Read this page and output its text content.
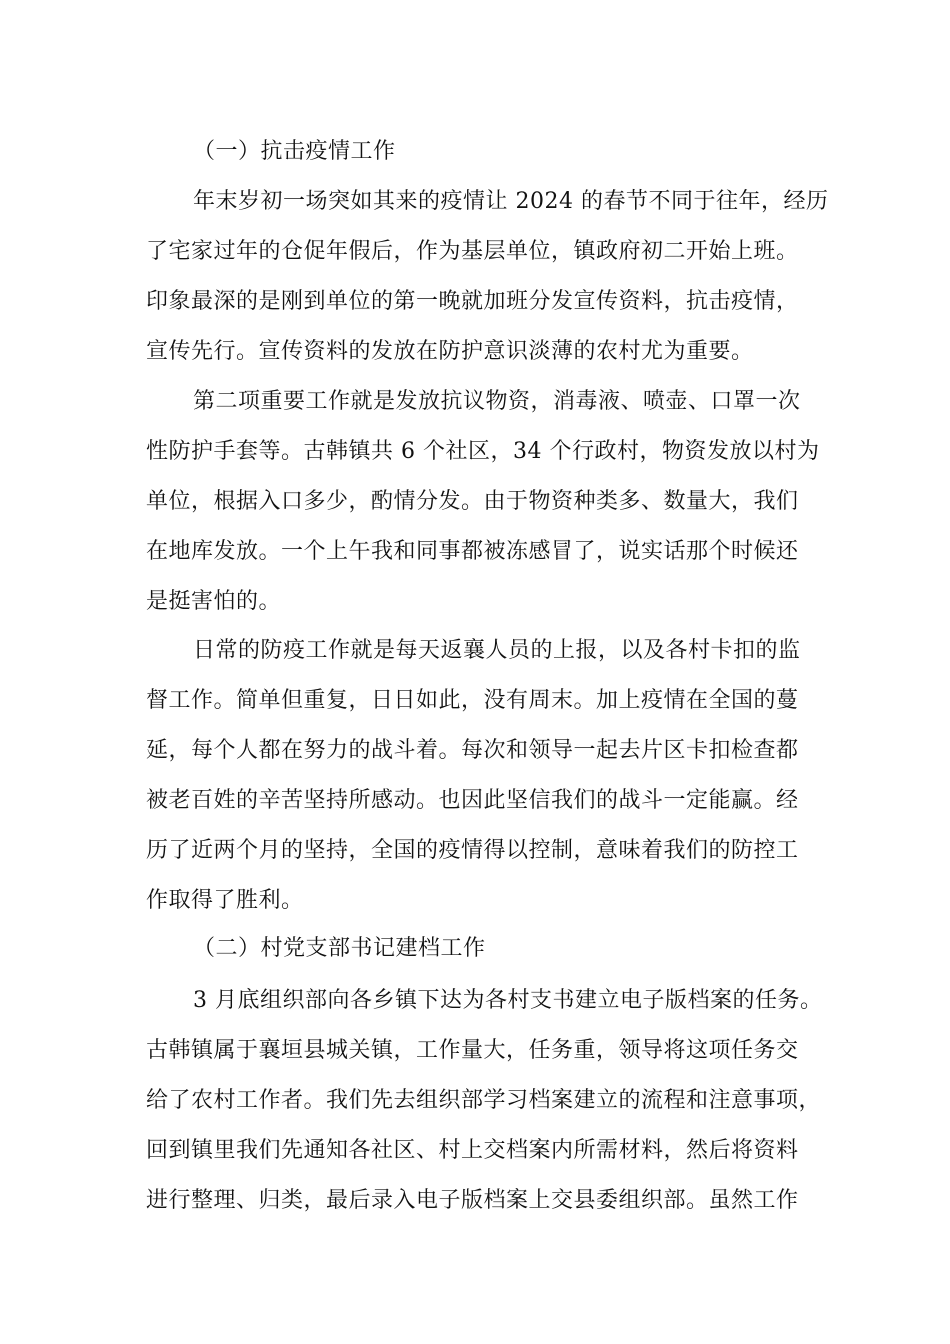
（一）抗击疫情工作
年末岁初一场突如其来的疫情让 2024 的春节不同于往年，经历
了宅家过年的仓促年假后，作为基层单位，镇政府初二开始上班。
印象最深的是刚到单位的第一晚就加班分发宣传资料，抗击疫情，
宣传先行。宣传资料的发放在防护意识淡薄的农村尤为重要。
第二项重要工作就是发放抗议物资，消毒液、喷壶、口罩一次
性防护手套等。古韩镇共 6 个社区，34 个行政村，物资发放以村为
单位，根据入口多少，酌情分发。由于物资种类多、数量大，我们
在地库发放。一个上午我和同事都被冻感冒了，说实话那个时候还
是挺害怕的。
日常的防疫工作就是每天返襄人员的上报，以及各村卡扣的监
督工作。简单但重复，日日如此，没有周末。加上疫情在全国的蔓
延，每个人都在努力的战斗着。每次和领导一起去片区卡扣检查都
被老百姓的辛苦坚持所感动。也因此坚信我们的战斗一定能赢。经
历了近两个月的坚持，全国的疫情得以控制，意味着我们的防控工
作取得了胜利。
（二）村党支部书记建档工作
3 月底组织部向各乡镇下达为各村支书建立电子版档案的任务。
古韩镇属于襄垣县城关镇，工作量大，任务重，领导将这项任务交
给了农村工作者。我们先去组织部学习档案建立的流程和注意事项，
回到镇里我们先通知各社区、村上交档案内所需材料，然后将资料
进行整理、归类，最后录入电子版档案上交县委组织部。虽然工作
